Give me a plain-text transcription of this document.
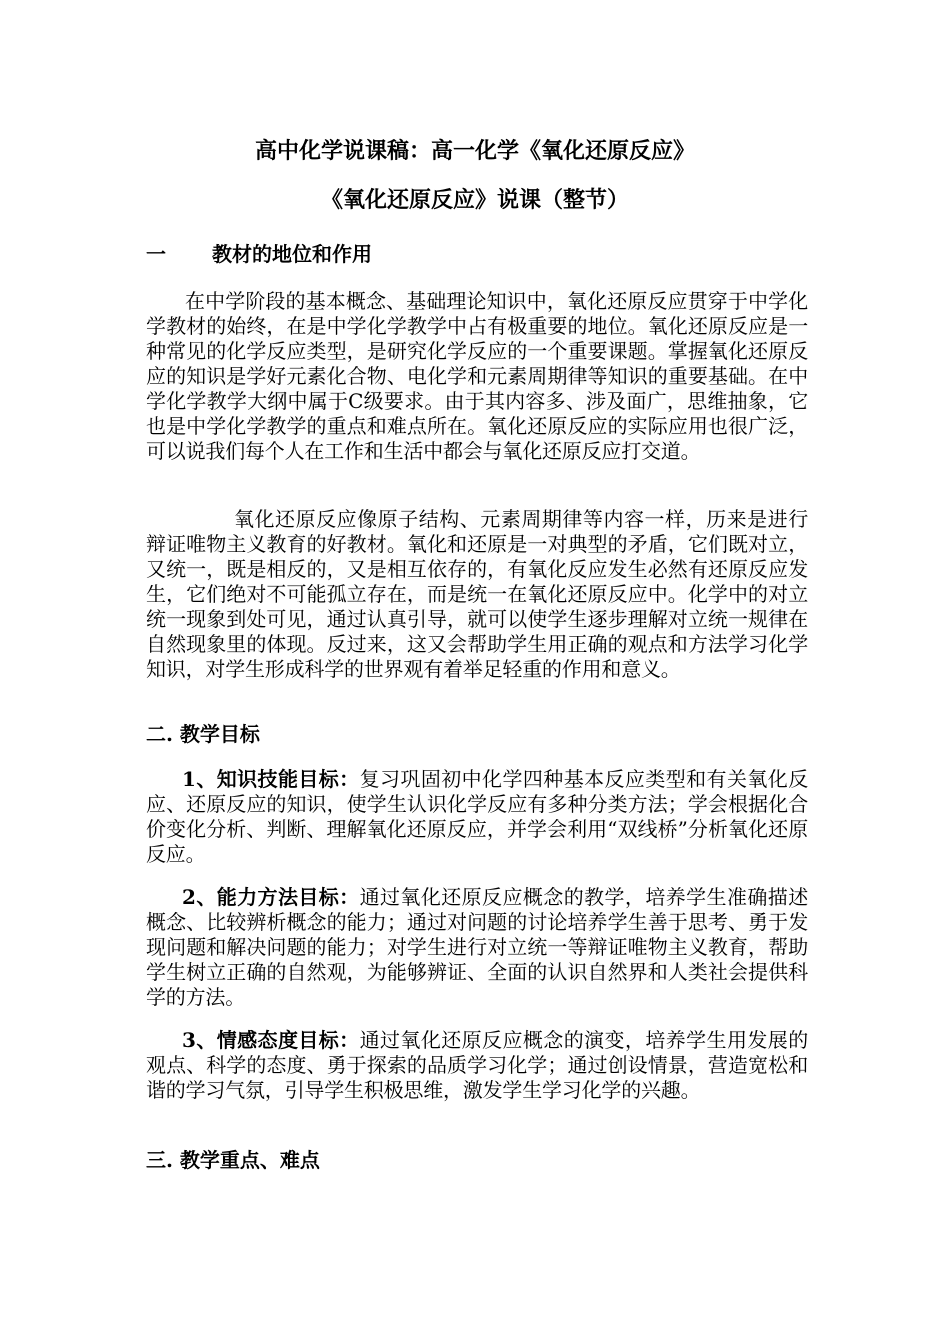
高中化学说课稿：高一化学《氧化还原反应》
《氧化还原反应》说课（整节）
一 教材的地位和作用

在中学阶段的基本概念、基础理论知识中，氧化还原反应贯穿于中学化学教材的始终，在是中学化学教学中占有极重要的地位。氧化还原反应是一种常见的化学反应类型，是研究化学反应的一个重要课题。掌握氧化还原反应的知识是学好元素化合物、电化学和元素周期律等知识的重要基础。在中学化学教学大纲中属于C级要求。由于其内容多、涉及面广，思维抽象，它也是中学化学教学的重点和难点所在。氧化还原反应的实际应用也很广泛，可以说我们每个人在工作和生活中都会与氧化还原反应打交道。

氧化还原反应像原子结构、元素周期律等内容一样，历来是进行辩证唯物主义教育的好教材。氧化和还原是一对典型的矛盾，它们既对立，又统一，既是相反的，又是相互依存的，有氧化反应发生必然有还原反应发生，它们绝对不可能孤立存在，而是统一在氧化还原反应中。化学中的对立统一现象到处可见，通过认真引导，就可以使学生逐步理解对立统一规律在自然现象里的体现。反过来，这又会帮助学生用正确的观点和方法学习化学知识，对学生形成科学的世界观有着举足轻重的作用和意义。

二. 教学目标

1、知识技能目标：复习巩固初中化学四种基本反应类型和有关氧化反应、还原反应的知识，使学生认识化学反应有多种分类方法；学会根据化合价变化分析、判断、理解氧化还原反应，并学会利用“双线桥”分析氧化还原反应。

2、能力方法目标：通过氧化还原反应概念的教学，培养学生准确描述概念、比较辨析概念的能力；通过对问题的讨论培养学生善于思考、勇于发现问题和解决问题的能力；对学生进行对立统一等辩证唯物主义教育，帮助学生树立正确的自然观，为能够辨证、全面的认识自然界和人类社会提供科学的方法。

3、情感态度目标：通过氧化还原反应概念的演变，培养学生用发展的观点、科学的态度、勇于探索的品质学习化学；通过创设情景，营造宽松和谐的学习气氛，引导学生积极思维，激发学生学习化学的兴趣。

三. 教学重点、难点
